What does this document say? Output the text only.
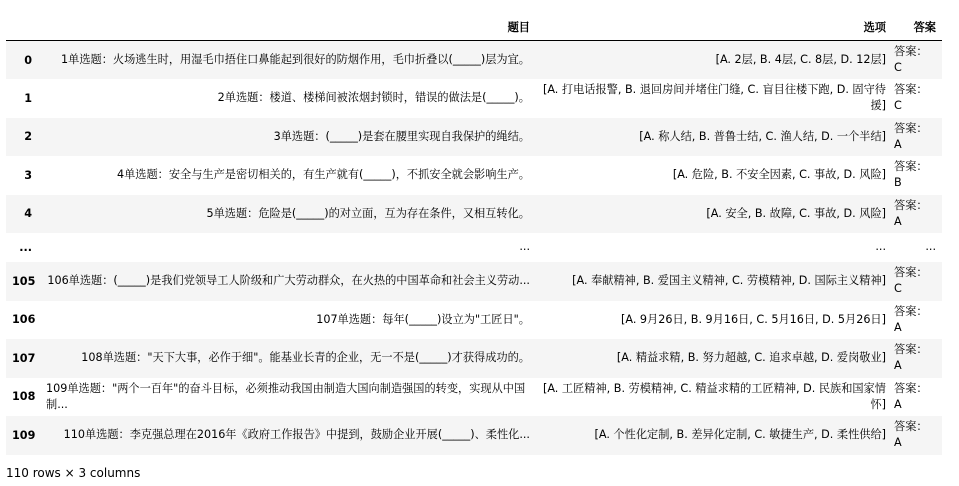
	题目	选项	答案
0	1单选题：火场逃生时，用湿毛巾捂住口鼻能起到很好的防烟作用，毛巾折叠以(_____)层为宜。	[A. 2层, B. 4层, C. 8层, D. 12层]	答案：C
1	2单选题：楼道、楼梯间被浓烟封锁时，错误的做法是(_____)。	[A. 打电话报警, B. 退回房间并堵住门缝, C. 盲目往楼下跑, D. 固守待援]	答案：C
2	3单选题：(_____)是套在腰里实现自我保护的绳结。	[A. 称人结, B. 普鲁士结, C. 渔人结, D. 一个半结]	答案：A
3	4单选题：安全与生产是密切相关的，有生产就有(_____)，不抓安全就会影响生产。	[A. 危险, B. 不安全因素, C. 事故, D. 风险]	答案：B
4	5单选题：危险是(_____)的对立面，互为存在条件，又相互转化。	[A. 安全, B. 故障, C. 事故, D. 风险]	答案：A
...	...	...	...
105	106单选题：(_____)是我们党领导工人阶级和广大劳动群众，在火热的中国革命和社会主义劳动...	[A. 奉献精神, B. 爱国主义精神, C. 劳模精神, D. 国际主义精神]	答案：C
106	107单选题：每年(_____)设立为"工匠日"。	[A. 9月26日, B. 9月16日, C. 5月16日, D. 5月26日]	答案：A
107	108单选题："天下大事，必作于细"。能基业长青的企业，无一不是(_____)才获得成功的。	[A. 精益求精, B. 努力超越, C. 追求卓越, D. 爱岗敬业]	答案：A
108	109单选题："两个一百年"的奋斗目标，必须推动我国由制造大国向制造强国的转变，实现从中国制...	[A. 工匠精神, B. 劳模精神, C. 精益求精的工匠精神, D. 民族和国家情怀]	答案：A
109	110单选题：李克强总理在2016年《政府工作报告》中提到，鼓励企业开展(_____)、柔性化...	[A. 个性化定制, B. 差异化定制, C. 敏捷生产, D. 柔性供给]	答案：A
110 rows × 3 columns
